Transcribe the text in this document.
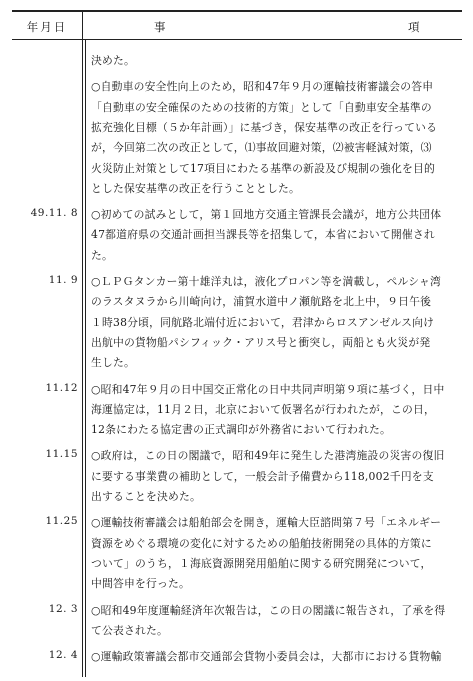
年月日	事	項
決めた。
○自動車の安全性向上のため，昭和47年９月の運輸技術審議会の答申
「自動車の安全確保のための技術的方策」として「自動車安全基準の
拡充強化目標（５か年計画）」に基づき，保安基準の改正を行っている
が，今回第二次の改正として，⑴事故回避対策，⑵被害軽減対策，⑶
火災防止対策として17項目にわたる基準の新設及び規制の強化を目的
とした保安基準の改正を行うこととした。
49.11. 8 ○初めての試みとして，第１回地方交通主管課長会議が，地方公共団体
47都道府県の交通計画担当課長等を招集して，本省において開催され
た。
11. 9 ○ＬＰＧタンカー第十雄洋丸は，液化プロパン等を満載し，ペルシャ湾
のラスタヌラから川崎向け，浦賀水道中ノ瀬航路を北上中，９日午後
１時38分頃，同航路北端付近において，君津からロスアンゼルス向け
出航中の貨物船パシフィック・アリス号と衝突し，両船とも火災が発
生した。
11.12 ○昭和47年９月の日中国交正常化の日中共同声明第９項に基づく，日中
海運協定は，11月２日，北京において仮署名が行われたが，この日，
12条にわたる協定書の正式調印が外務省において行われた。
11.15 ○政府は，この日の閣議で，昭和49年に発生した港湾施設の災害の復旧
に要する事業費の補助として，一般会計予備費から118,002千円を支
出することを決めた。
11.25 ○運輸技術審議会は船舶部会を開き，運輸大臣諮問第７号「エネルギー
資源をめぐる環境の変化に対するための船舶技術開発の具体的方策に
ついて」のうち，１海底資源開発用船舶に関する研究開発について，
中間答申を行った。
12. 3 ○昭和49年度運輸経済年次報告は，この日の閣議に報告され，了承を得
て公表された。
12. 4 ○運輸政策審議会都市交通部会貨物小委員会は，大都市における貨物輸
